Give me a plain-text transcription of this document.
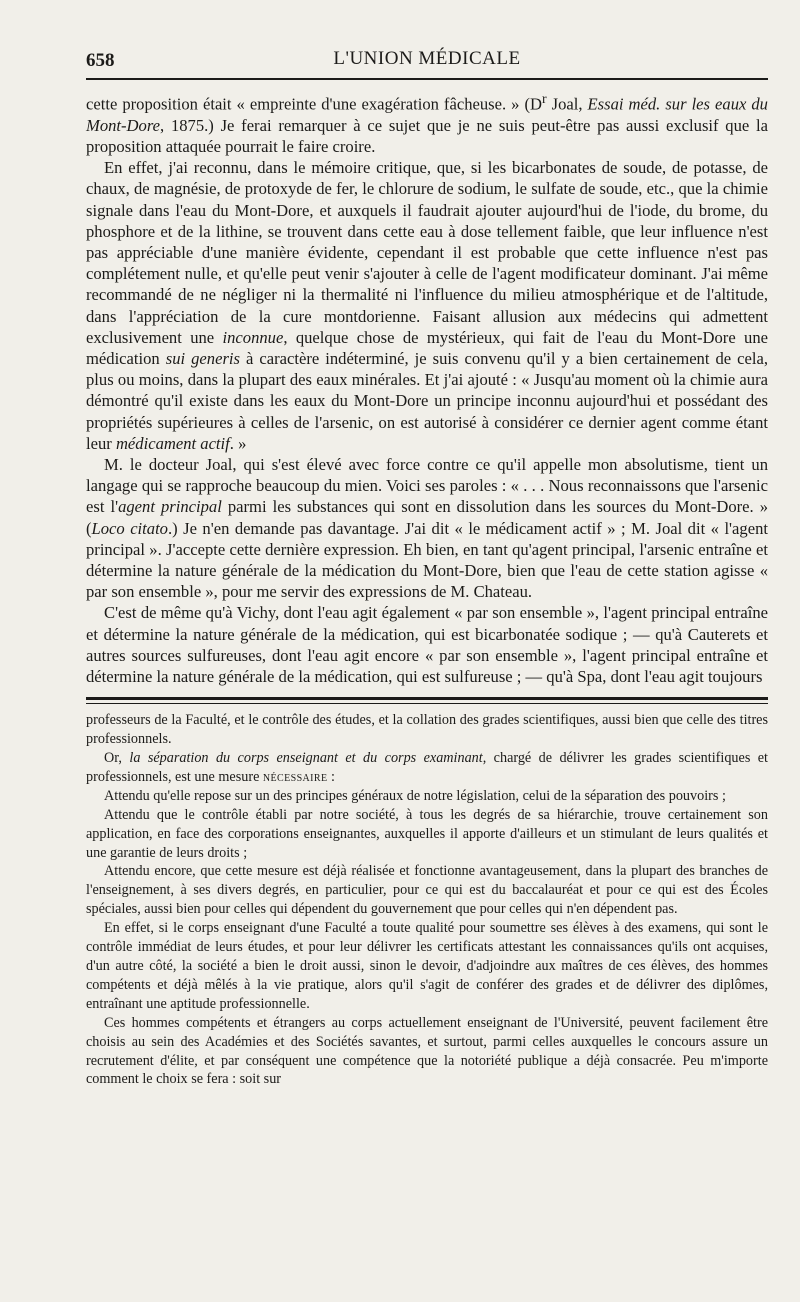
658	L'UNION MÉDICALE

cette proposition était « empreinte d'une exagération fâcheuse. » ($D^r$ Joal, Essai méd. sur les eaux du Mont-Dore, 1875.) Je ferai remarquer à ce sujet que je ne suis peut-être pas aussi exclusif que la proposition attaquée pourrait le faire croire.

En effet, j'ai reconnu, dans le mémoire critique, que, si les bicarbonates de soude, de potasse, de chaux, de magnésie, de protoxyde de fer, le chlorure de sodium, le sulfate de soude, etc., que la chimie signale dans l'eau du Mont-Dore, et auxquels il faudrait ajouter aujourd'hui de l'iode, du brome, du phosphore et de la lithine, se trouvent dans cette eau à dose tellement faible, que leur influence n'est pas appréciable d'une manière évidente, cependant il est probable que cette influence n'est pas complétement nulle, et qu'elle peut venir s'ajouter à celle de l'agent modificateur dominant. J'ai même recommandé de ne négliger ni la thermalité ni l'influence du milieu atmosphérique et de l'altitude, dans l'appréciation de la cure montdorienne. Faisant allusion aux médecins qui admettent exclusivement une inconnue, quelque chose de mystérieux, qui fait de l'eau du Mont-Dore une médication sui generis à caractère indéterminé, je suis convenu qu'il y a bien certainement de cela, plus ou moins, dans la plupart des eaux minérales. Et j'ai ajouté : « Jusqu'au moment où la chimie aura démontré qu'il existe dans les eaux du Mont-Dore un principe inconnu aujourd'hui et possédant des propriétés supérieures à celles de l'arsenic, on est autorisé à considérer ce dernier agent comme étant leur médicament actif. »

M. le docteur Joal, qui s'est élevé avec force contre ce qu'il appelle mon absolutisme, tient un langage qui se rapproche beaucoup du mien. Voici ses paroles : « . . . Nous reconnaissons que l'arsenic est l'agent principal parmi les substances qui sont en dissolution dans les sources du Mont-Dore. » (Loco citato.) Je n'en demande pas davantage. J'ai dit « le médicament actif » ; M. Joal dit « l'agent principal ». J'accepte cette dernière expression. Eh bien, en tant qu'agent principal, l'arsenic entraîne et détermine la nature générale de la médication du Mont-Dore, bien que l'eau de cette station agisse « par son ensemble », pour me servir des expressions de M. Chateau.

C'est de même qu'à Vichy, dont l'eau agit également « par son ensemble », l'agent principal entraîne et détermine la nature générale de la médication, qui est bicarbonatée sodique ; — qu'à Cauterets et autres sources sulfureuses, dont l'eau agit encore « par son ensemble », l'agent principal entraîne et détermine la nature générale de la médication, qui est sulfureuse ; — qu'à Spa, dont l'eau agit toujours

professeurs de la Faculté, et le contrôle des études, et la collation des grades scientifiques, aussi bien que celle des titres professionnels.

Or, la séparation du corps enseignant et du corps examinant, chargé de délivrer les grades scientifiques et professionnels, est une mesure nécessaire :

Attendu qu'elle repose sur un des principes généraux de notre législation, celui de la séparation des pouvoirs ;

Attendu que le contrôle établi par notre société, à tous les degrés de sa hiérarchie, trouve certainement son application, en face des corporations enseignantes, auxquelles il apporte d'ailleurs et un stimulant de leurs qualités et une garantie de leurs droits ;

Attendu encore, que cette mesure est déjà réalisée et fonctionne avantageusement, dans la plupart des branches de l'enseignement, à ses divers degrés, en particulier, pour ce qui est du baccalauréat et pour ce qui est des Écoles spéciales, aussi bien pour celles qui dépendent du gouvernement que pour celles qui n'en dépendent pas.

En effet, si le corps enseignant d'une Faculté a toute qualité pour soumettre ses élèves à des examens, qui sont le contrôle immédiat de leurs études, et pour leur délivrer les certificats attestant les connaissances qu'ils ont acquises, d'un autre côté, la société a bien le droit aussi, sinon le devoir, d'adjoindre aux maîtres de ces élèves, des hommes compétents et déjà mêlés à la vie pratique, alors qu'il s'agit de conférer des grades et de délivrer des diplômes, entraînant une aptitude professionnelle.

Ces hommes compétents et étrangers au corps actuellement enseignant de l'Université, peuvent facilement être choisis au sein des Académies et des Sociétés savantes, et surtout, parmi celles auxquelles le concours assure un recrutement d'élite, et par conséquent une compétence que la notoriété publique a déjà consacrée. Peu m'importe comment le choix se fera : soit sur
